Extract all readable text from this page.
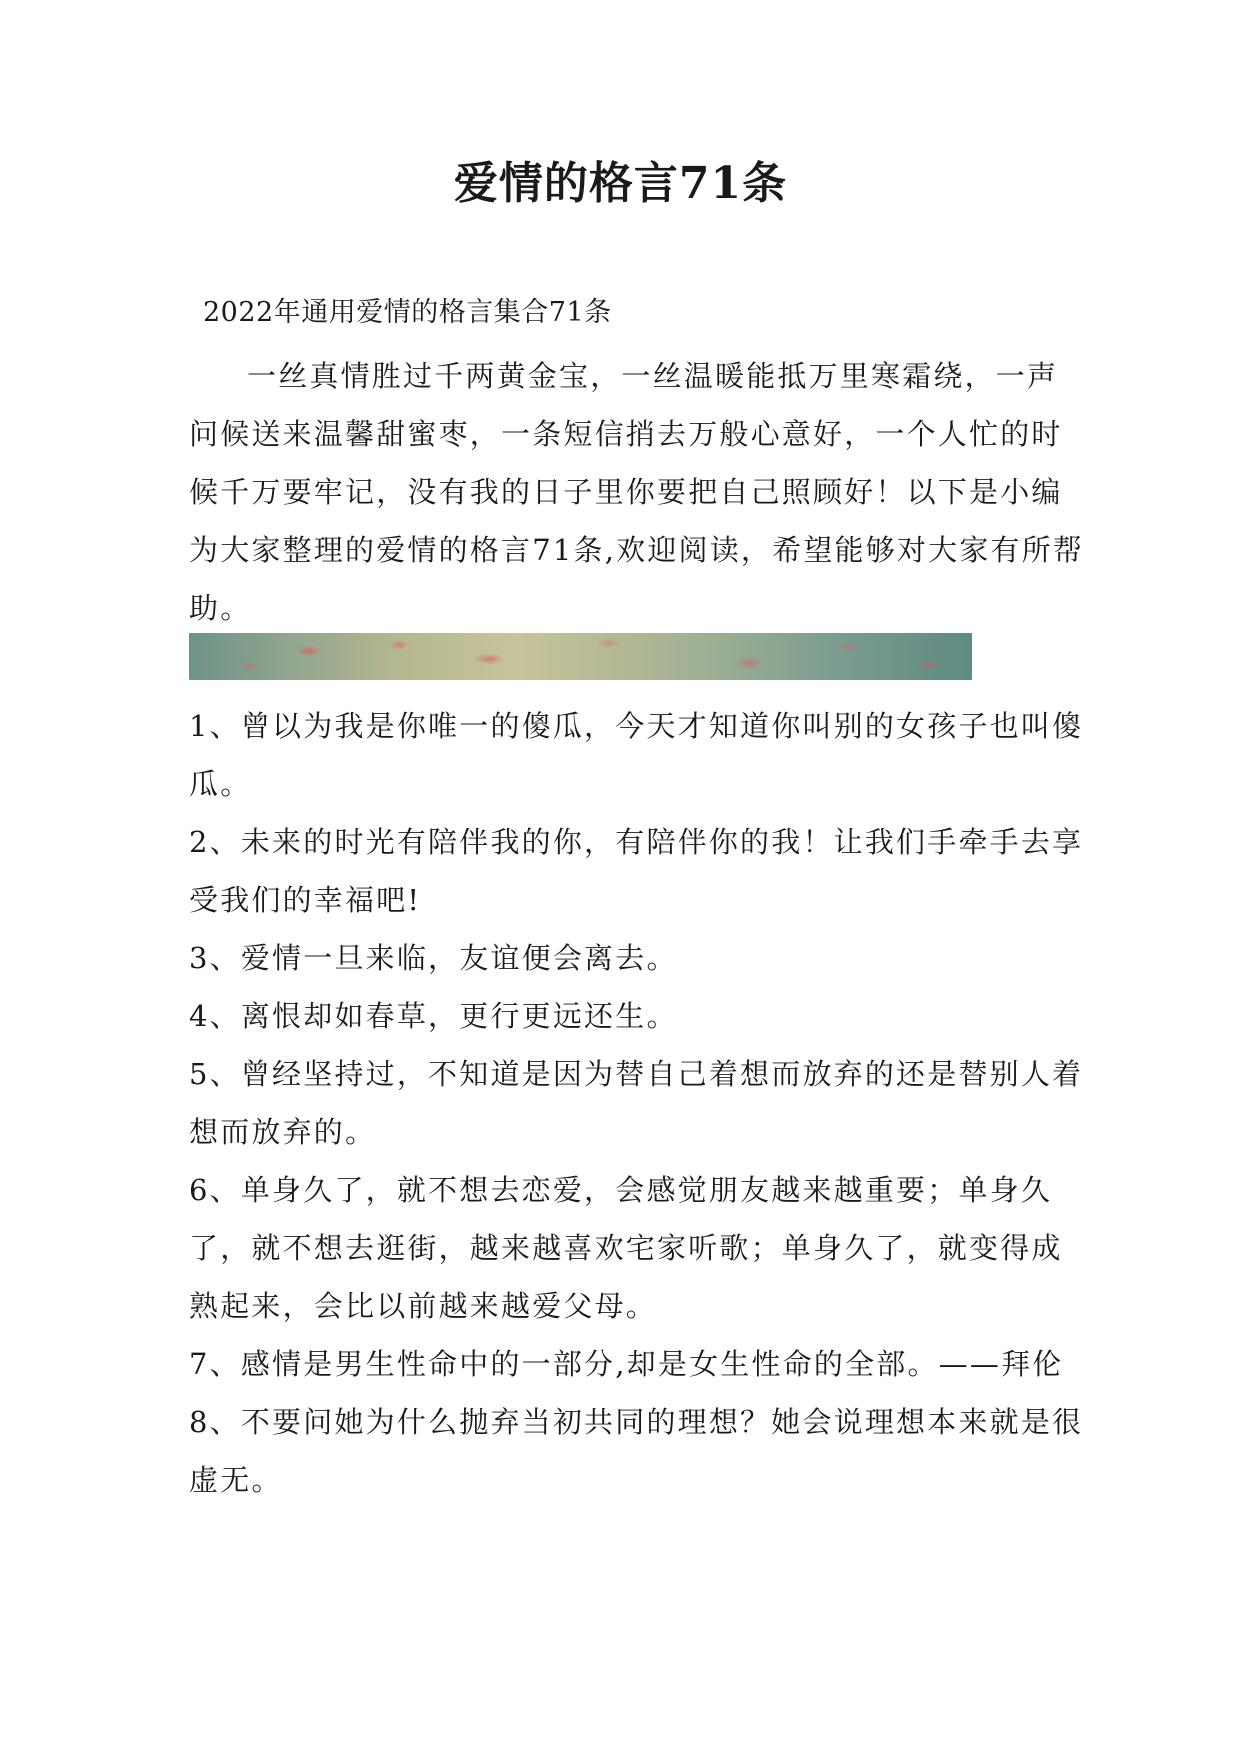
爱情的格言71条
2022年通用爱情的格言集合71条

一丝真情胜过千两黄金宝，一丝温暖能抵万里寒霜绕，一声问候送来温馨甜蜜枣，一条短信捎去万般心意好，一个人忙的时候千万要牢记，没有我的日子里你要把自己照顾好！以下是小编为大家整理的爱情的格言71条,欢迎阅读，希望能够对大家有所帮助。

1、曾以为我是你唯一的傻瓜，今天才知道你叫别的女孩子也叫傻瓜。
2、未来的时光有陪伴我的你，有陪伴你的我！让我们手牵手去享受我们的幸福吧!
3、爱情一旦来临，友谊便会离去。
4、离恨却如春草，更行更远还生。
5、曾经坚持过，不知道是因为替自己着想而放弃的还是替别人着想而放弃的。
6、单身久了，就不想去恋爱，会感觉朋友越来越重要；单身久了，就不想去逛街，越来越喜欢宅家听歌；单身久了，就变得成熟起来，会比以前越来越爱父母。
7、感情是男生性命中的一部分,却是女生性命的全部。——拜伦
8、不要问她为什么抛弃当初共同的理想？她会说理想本来就是很虚无。
